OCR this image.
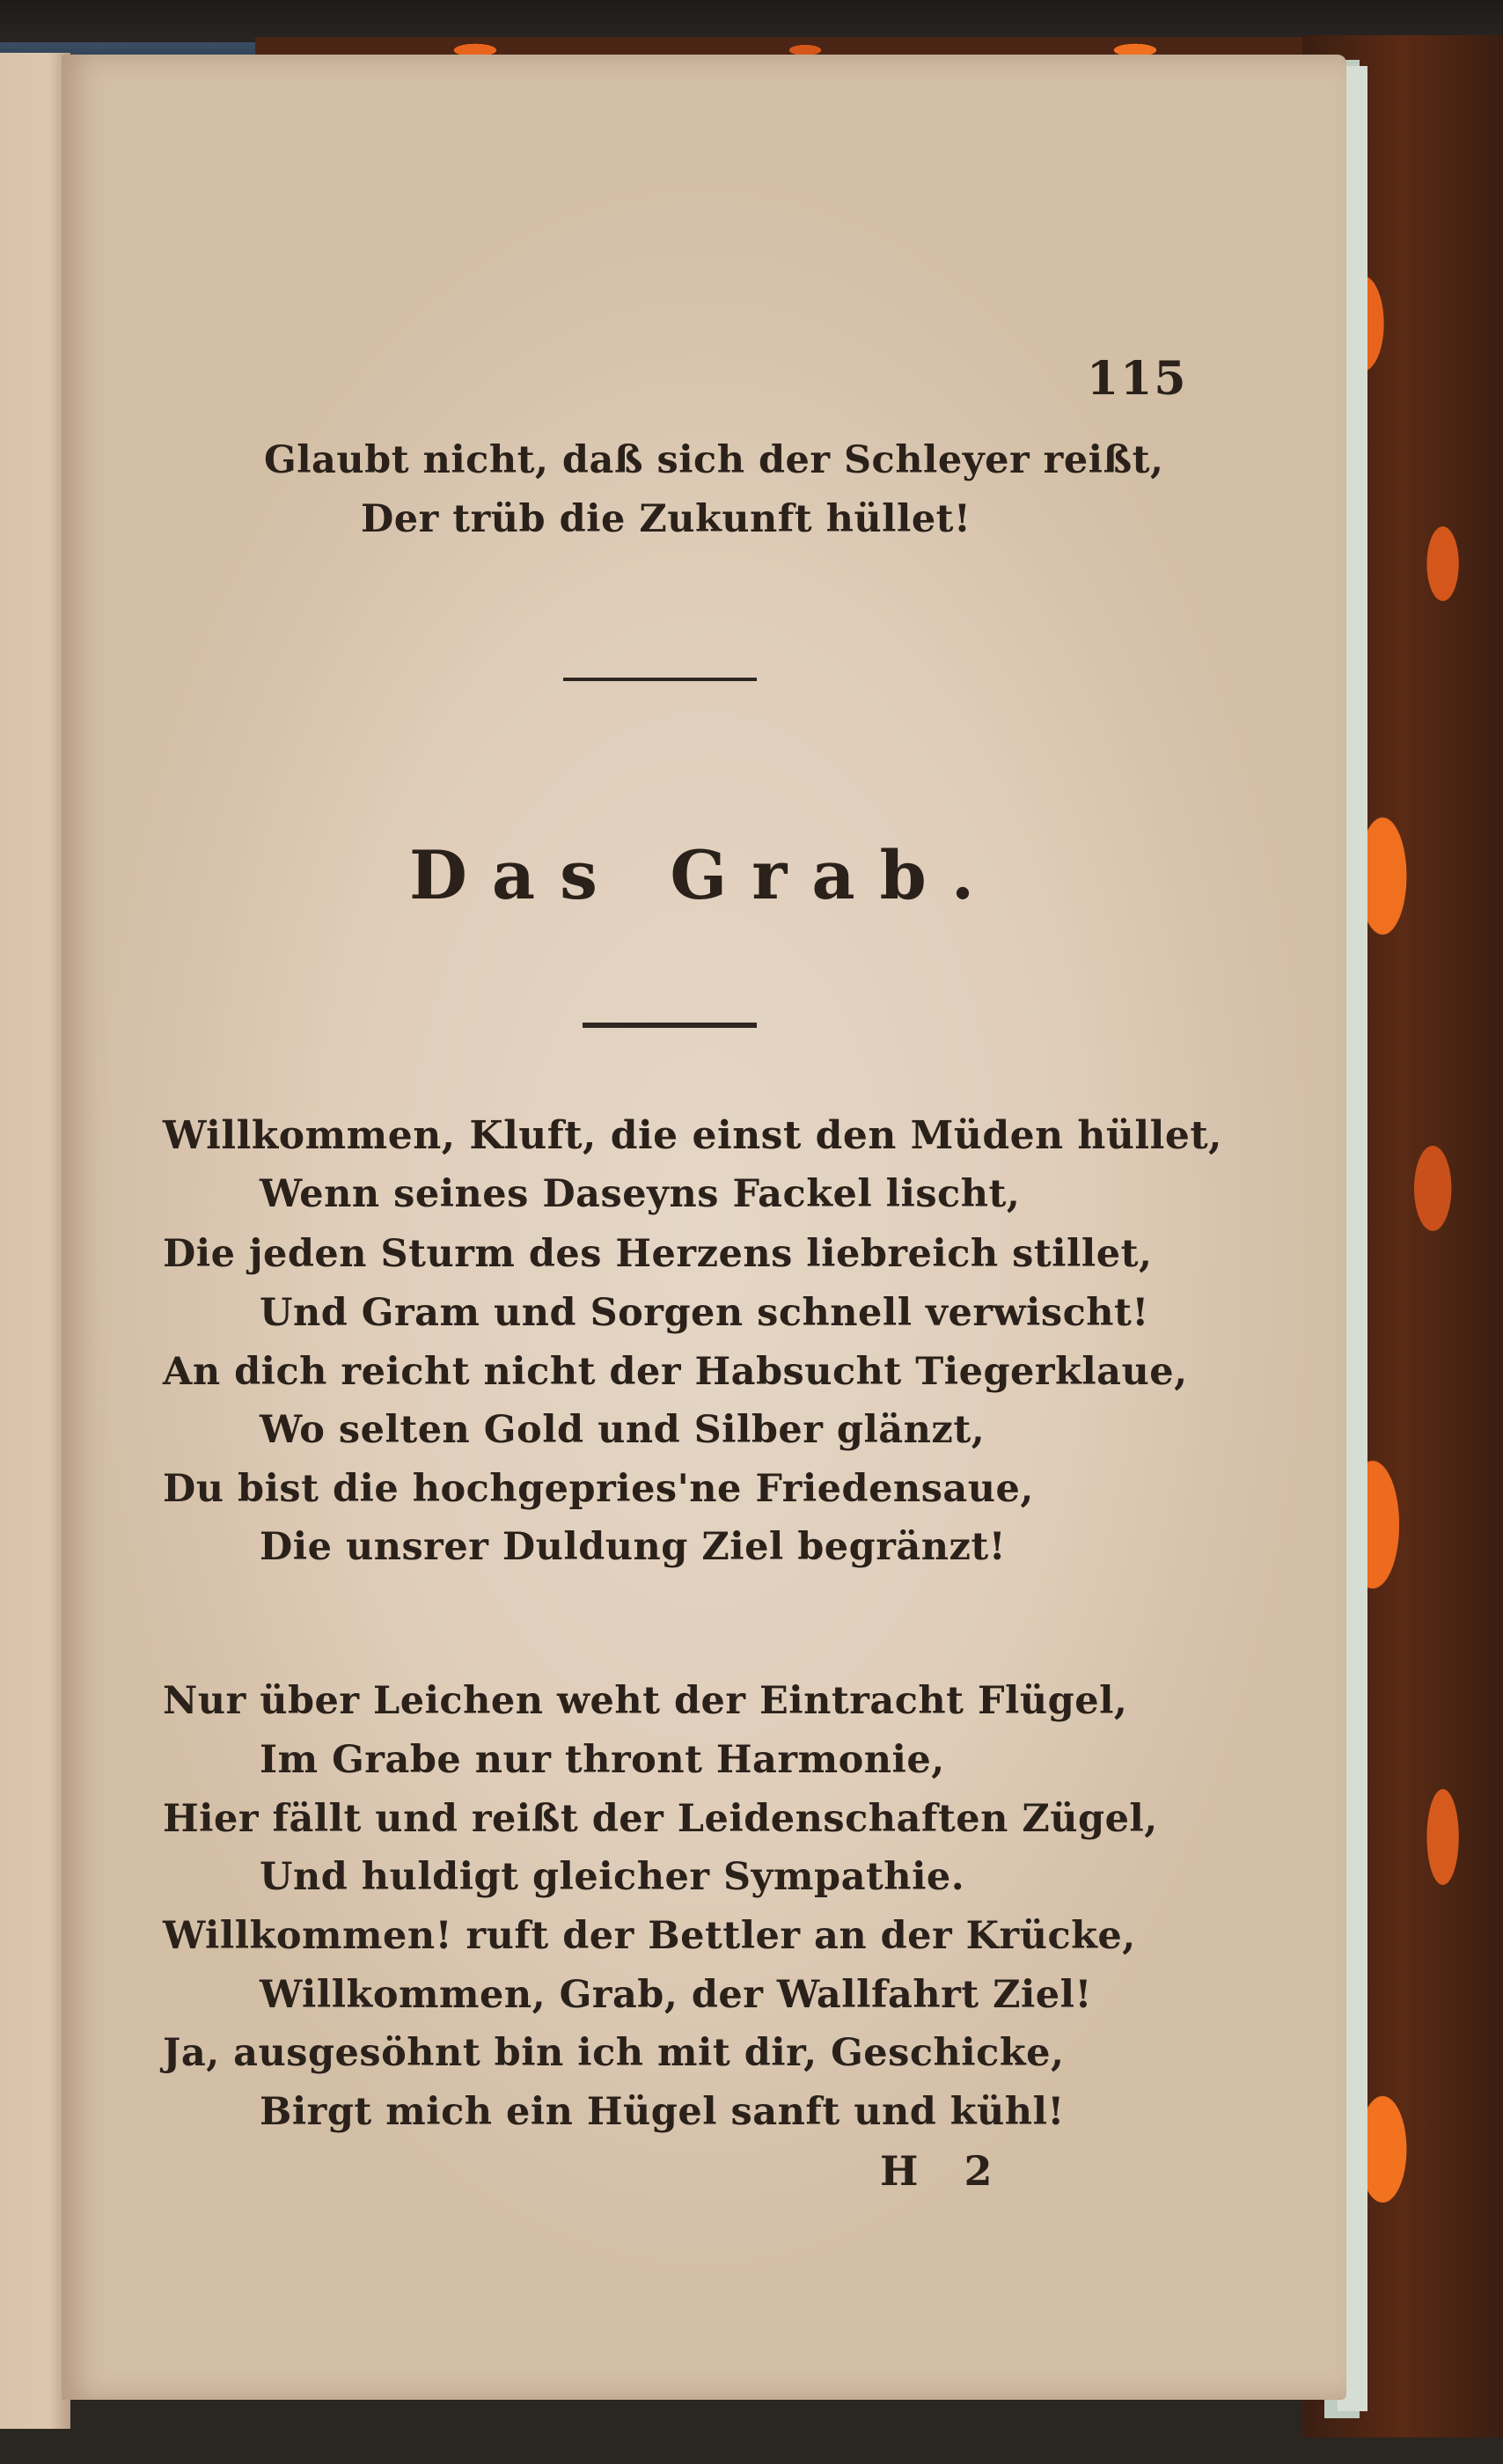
115
Glaubt nicht, daß sich der Schleyer reißt,
Der trüb die Zukunft hüllet!
Das Grab.
Willkommen, Kluft, die einst den Müden hüllet,
Wenn seines Daseyns Fackel lischt,
Die jeden Sturm des Herzens liebreich stillet,
Und Gram und Sorgen schnell verwischt!
An dich reicht nicht der Habsucht Tiegerklaue,
Wo selten Gold und Silber glänzt,
Du bist die hochgepries'ne Friedensaue,
Die unsrer Duldung Ziel begränzt!
Nur über Leichen weht der Eintracht Flügel,
Im Grabe nur thront Harmonie,
Hier fällt und reißt der Leidenschaften Zügel,
Und huldigt gleicher Sympathie.
Willkommen! ruft der Bettler an der Krücke,
Willkommen, Grab, der Wallfahrt Ziel!
Ja, ausgesöhnt bin ich mit dir, Geschicke,
Birgt mich ein Hügel sanft und kühl!
H 2
